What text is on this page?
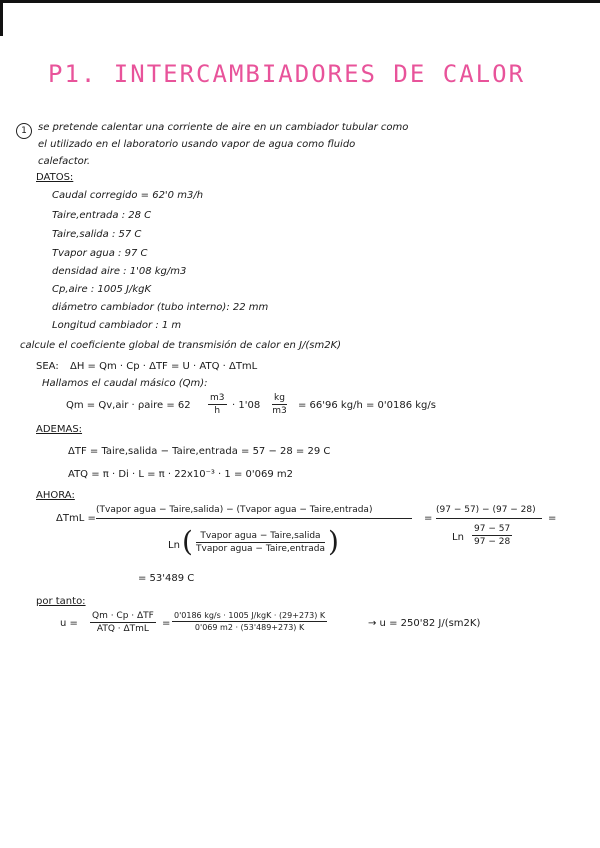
P1. INTERCAMBIADORES DE CALOR
1	se pretende calentar una corriente de aire en un cambiador tubular como
el utilizado en el laboratorio usando vapor de agua como fluido
calefactor.
DATOS:
Caudal corregido = 62'0 m3/h
Taire,entrada : 28 C
Taire,salida : 57 C
Tvapor agua : 97 C
densidad aire : 1'08 kg/m3
Cp,aire : 1005 J/kgK
diámetro cambiador (tubo interno): 22 mm
Longitud cambiador : 1 m
calcule el coeficiente global de transmisión de calor en J/(sm2K)
SEA: ΔH = Qm · Cp · ΔTF = U · ATQ · ΔTmL
Hallamos el caudal másico (Qm):
Qm = Qv,air · ρaire = $62 \frac{m3}{h} \cdot 1'08 \frac{kg}{m3} = 66'96$ kg/h = 0'0186 kg/s
ADEMAS:
ΔTF = Taire,salida − Taire,entrada = 57 − 28 = 29 C
ATQ = π · Di · L = π · 22x10⁻³ · 1 = 0'069 m2
AHORA:
ΔTmL =
(Tvapor agua − Taire,salida) − (Tvapor agua − Taire,entrada)
Ln ( Tvapor agua − Taire,salida
Tvapor agua − Taire,entrada )
=
(97 − 57) − (97 − 28)
Ln $\frac{97 - 57}{97 - 28}$
=
= 53'489 C
por tanto:
u =
Qm · Cp · ΔTF
ATQ · ΔTmL	=
0'0186 kg/s · 1005 J/kgK · (29+273) K
0'069 m2 · (53'489+273) K	→ u = 250'82 J/(sm2K)
